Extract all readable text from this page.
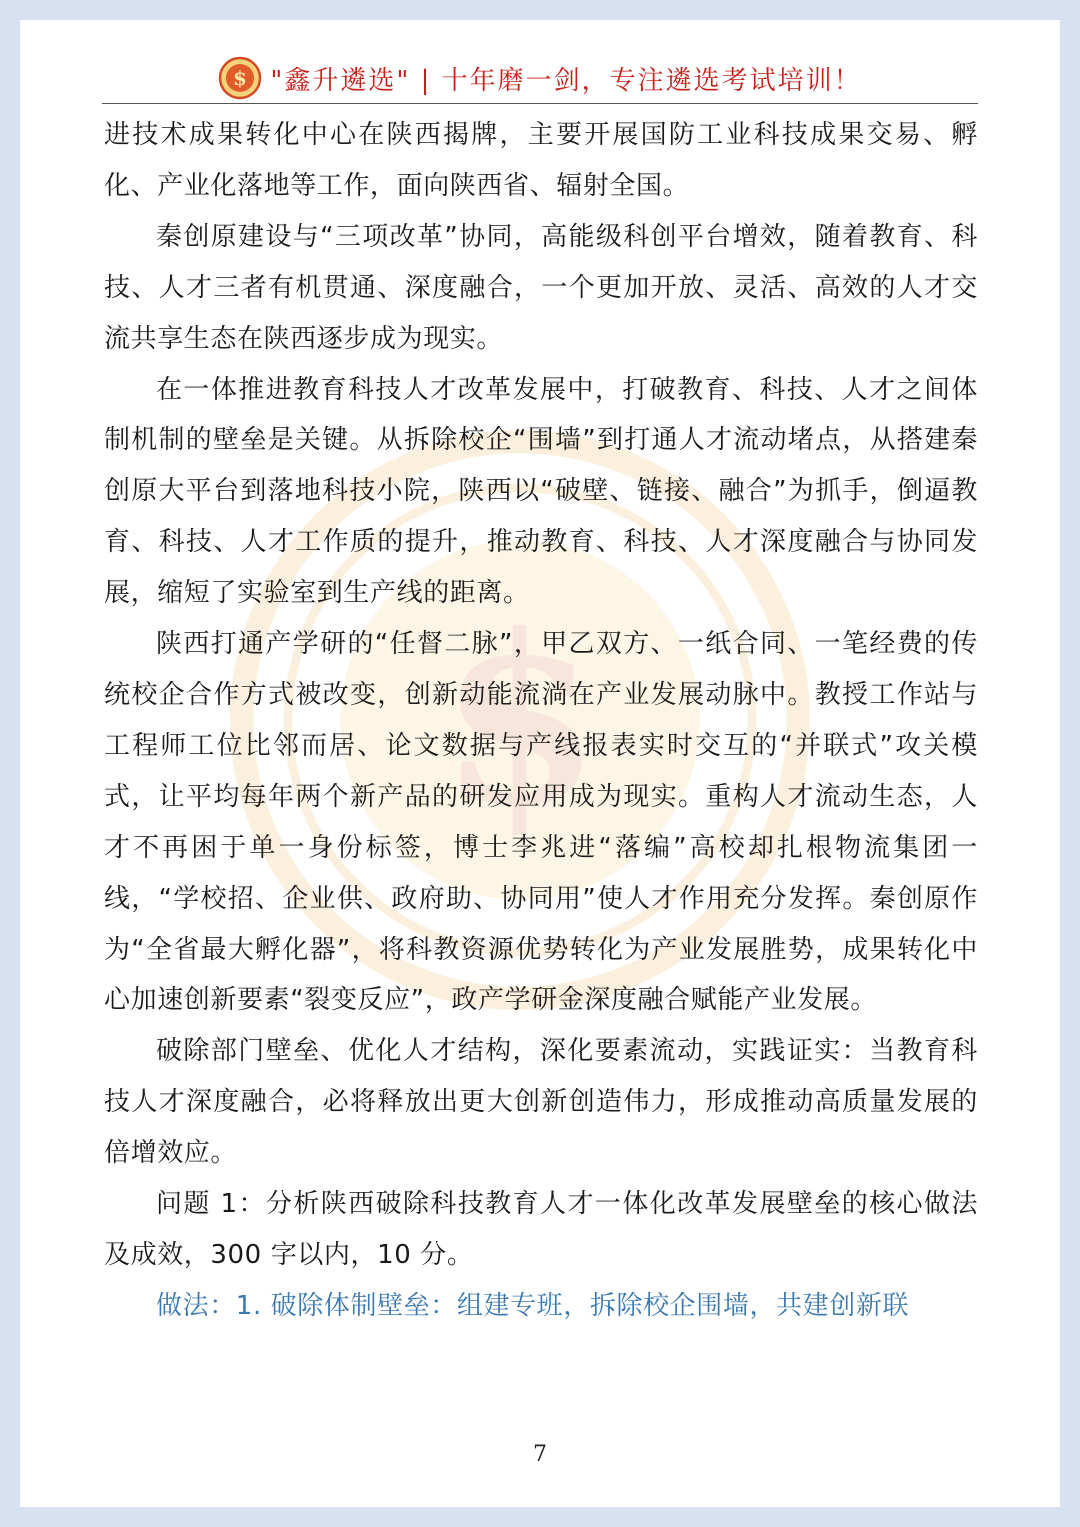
$
$ "鑫升遴选" | 十年磨一剑，专注遴选考试培训！

进技术成果转化中心在陕西揭牌，主要开展国防工业科技成果交易、孵化、产业化落地等工作，面向陕西省、辐射全国。

秦创原建设与“三项改革”协同，高能级科创平台增效，随着教育、科技、人才三者有机贯通、深度融合，一个更加开放、灵活、高效的人才交流共享生态在陕西逐步成为现实。

在一体推进教育科技人才改革发展中，打破教育、科技、人才之间体制机制的壁垒是关键。从拆除校企“围墙”到打通人才流动堵点，从搭建秦创原大平台到落地科技小院，陕西以“破壁、链接、融合”为抓手，倒逼教育、科技、人才工作质的提升，推动教育、科技、人才深度融合与协同发展，缩短了实验室到生产线的距离。

陕西打通产学研的“任督二脉”，甲乙双方、一纸合同、一笔经费的传统校企合作方式被改变，创新动能流淌在产业发展动脉中。教授工作站与工程师工位比邻而居、论文数据与产线报表实时交互的“并联式”攻关模式，让平均每年两个新产品的研发应用成为现实。重构人才流动生态，人才不再困于单一身份标签，博士李兆进“落编”高校却扎根物流集团一线，“学校招、企业供、政府助、协同用”使人才作用充分发挥。秦创原作为“全省最大孵化器”，将科教资源优势转化为产业发展胜势，成果转化中心加速创新要素“裂变反应”，政产学研金深度融合赋能产业发展。

破除部门壁垒、优化人才结构，深化要素流动，实践证实：当教育科技人才深度融合，必将释放出更大创新创造伟力，形成推动高质量发展的倍增效应。

问题 1：分析陕西破除科技教育人才一体化改革发展壁垒的核心做法及成效，300 字以内，10 分。

做法：1. 破除体制壁垒：组建专班，拆除校企围墙，共建创新联

7
